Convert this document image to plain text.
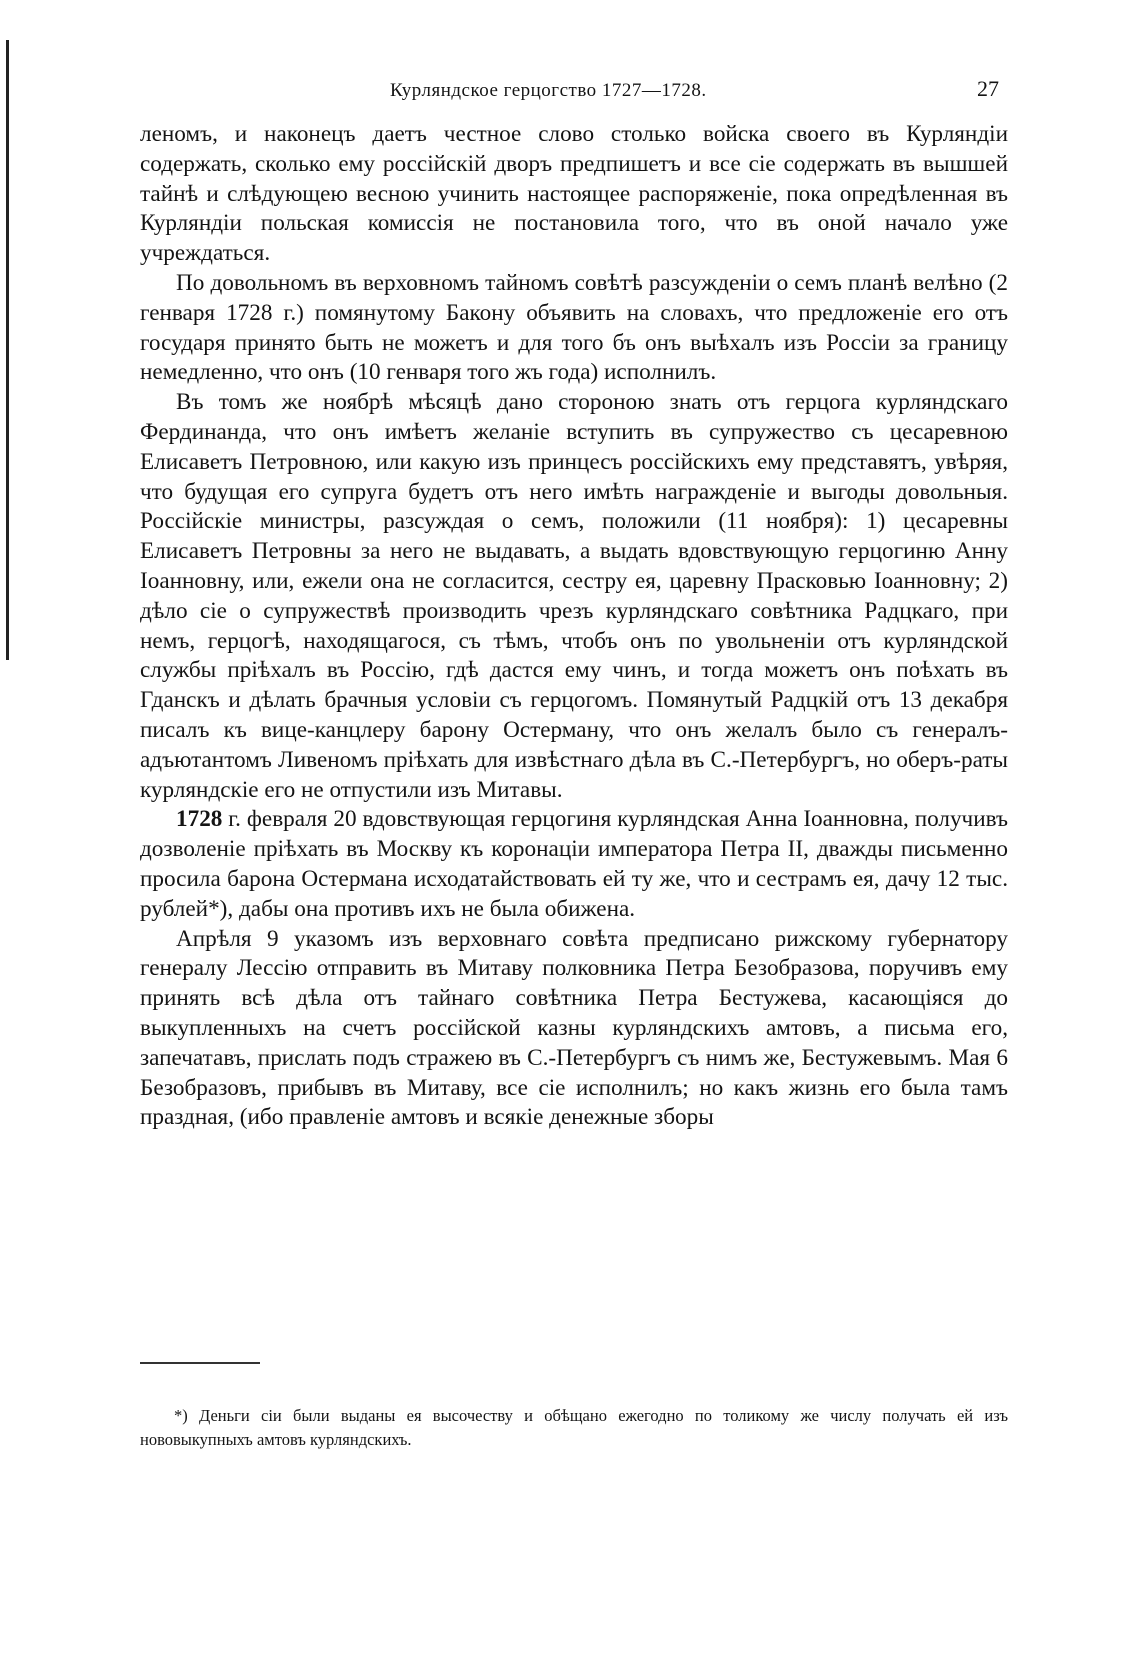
Курляндское герцогство 1727—1728.	27

леномъ, и наконецъ даетъ честное слово столько войска своего въ Курляндіи содержать, сколько ему россійскій дворъ предпишетъ и все сіе содержать въ вышшей тайнѣ и слѣдующею весною учинить настоящее распоряженіе, пока опредѣленная въ Курляндіи польская комиссія не постановила того, что въ оной начало уже учреждаться.

По довольномъ въ верховномъ тайномъ совѣтѣ разсужденіи о семъ планѣ велѣно (2 генваря 1728 г.) помянутому Бакону объявить на словахъ, что предложеніе его отъ государя принято быть не можетъ и для того бъ онъ выѣхалъ изъ Россіи за границу немедленно, что онъ (10 генваря того жъ года) исполнилъ.

Въ томъ же ноябрѣ мѣсяцѣ дано стороною знать отъ герцога курляндскаго Фердинанда, что онъ имѣетъ желаніе вступить въ супружество съ цесаревною Елисаветъ Петровною, или какую изъ принцесъ россійскихъ ему представятъ, увѣряя, что будущая его супруга будетъ отъ него имѣть награжденіе и выгоды довольныя. Россійскіе министры, разсуждая о семъ, положили (11 ноября): 1) цесаревны Елисаветъ Петровны за него не выдавать, а выдать вдовствующую герцогиню Анну Іоанновну, или, ежели она не согласится, сестру ея, царевну Прасковью Іоанновну; 2) дѣло сіе о супружествѣ производить чрезъ курляндскаго совѣтника Радцкаго, при немъ, герцогѣ, находящагося, съ тѣмъ, чтобъ онъ по увольненіи отъ курляндской службы пріѣхалъ въ Россію, гдѣ дастся ему чинъ, и тогда можетъ онъ поѣхать въ Гданскъ и дѣлать брачныя условіи съ герцогомъ. Помянутый Радцкій отъ 13 декабря писалъ къ вице-канцлеру барону Остерману, что онъ желалъ было съ генералъ-адъютантомъ Ливеномъ пріѣхать для извѣстнаго дѣла въ С.-Петербургъ, но оберъ-раты курляндскіе его не отпустили изъ Митавы.

1728 г. февраля 20 вдовствующая герцогиня курляндская Анна Іоанновна, получивъ дозволеніе пріѣхать въ Москву къ коронаціи императора Петра II, дважды письменно просила барона Остермана исходатайствовать ей ту же, что и сестрамъ ея, дачу 12 тыс. рублей*), дабы она противъ ихъ не была обижена.

Апрѣля 9 указомъ изъ верховнаго совѣта предписано рижскому губернатору генералу Лессію отправить въ Митаву полковника Петра Безобразова, поручивъ ему принять всѣ дѣла отъ тайнаго совѣтника Петра Бестужева, касающіяся до выкупленныхъ на счетъ россійской казны курляндскихъ амтовъ, а письма его, запечатавъ, прислать подъ стражею въ С.-Петербургъ съ нимъ же, Бестужевымъ. Мая 6 Безобразовъ, прибывъ въ Митаву, все сіе исполнилъ; но какъ жизнь его была тамъ праздная, (ибо правленіе амтовъ и всякіе денежные зборы

*) Деньги сіи были выданы ея высочеству и обѣщано ежегодно по толикому же числу получать ей изъ нововыкупныхъ амтовъ курляндскихъ.
